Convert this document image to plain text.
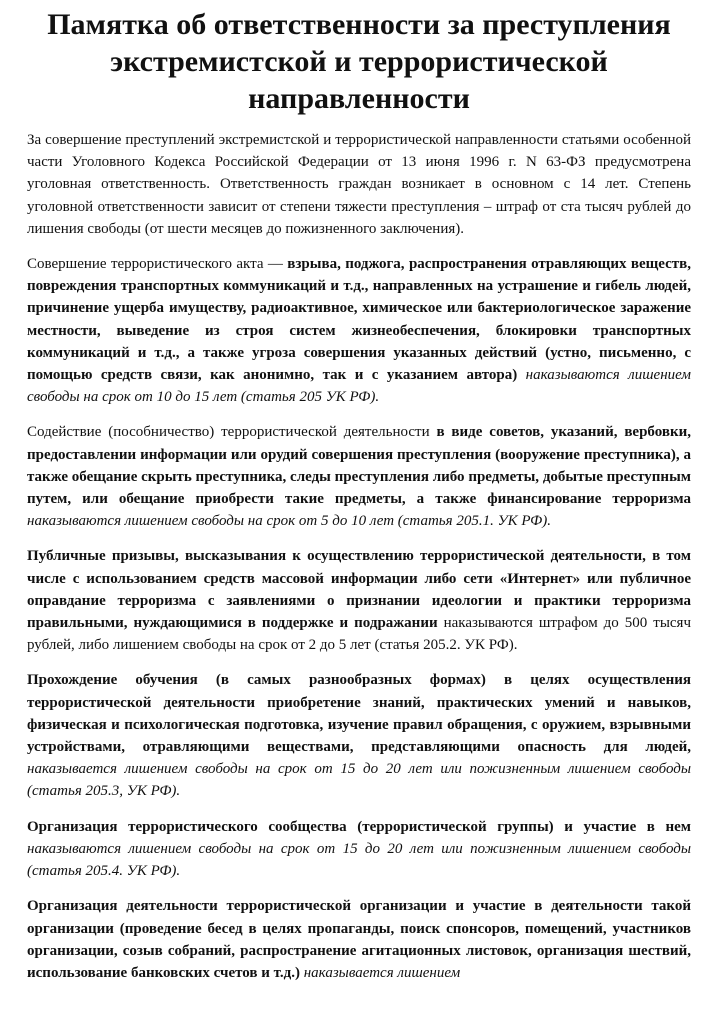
Памятка об ответственности за преступления экстремистской и террористической направленности

За совершение преступлений экстремистской и террористической направленности статьями особенной части Уголовного Кодекса Российской Федерации от 13 июня 1996 г. N 63-ФЗ предусмотрена уголовная ответственность. Ответственность граждан возникает в основном с 14 лет. Степень уголовной ответственности зависит от степени тяжести преступления – штраф от ста тысяч рублей до лишения свободы (от шести месяцев до пожизненного заключения).

Совершение террористического акта — взрыва, поджога, распространения отравляющих веществ, повреждения транспортных коммуникаций и т.д., направленных на устрашение и гибель людей, причинение ущерба имуществу, радиоактивное, химическое или бактериологическое заражение местности, выведение из строя систем жизнеобеспечения, блокировки транспортных коммуникаций и т.д., а также угроза совершения указанных действий (устно, письменно, с помощью средств связи, как анонимно, так и с указанием автора) наказываются лишением свободы на срок от 10 до 15 лет (статья 205 УК РФ).

Содействие (пособничество) террористической деятельности в виде советов, указаний, вербовки, предоставлении информации или орудий совершения преступления (вооружение преступника), а также обещание скрыть преступника, следы преступления либо предметы, добытые преступным путем, или обещание приобрести такие предметы, а также финансирование терроризма наказываются лишением свободы на срок от 5 до 10 лет (статья 205.1. УК РФ).

Публичные призывы, высказывания к осуществлению террористической деятельности, в том числе с использованием средств массовой информации либо сети «Интернет» или публичное оправдание терроризма с заявлениями о признании идеологии и практики терроризма правильными, нуждающимися в поддержке и подражании наказываются штрафом до 500 тысяч рублей, либо лишением свободы на срок от 2 до 5 лет (статья 205.2. УК РФ).

Прохождение обучения (в самых разнообразных формах) в целях осуществления террористической деятельности приобретение знаний, практических умений и навыков, физическая и психологическая подготовка, изучение правил обращения, с оружием, взрывными устройствами, отравляющими веществами, представляющими опасность для людей, наказывается лишением свободы на срок от 15 до 20 лет или пожизненным лишением свободы (статья 205.3, УК РФ).

Организация террористического сообщества (террористической группы) и участие в нем наказываются лишением свободы на срок от 15 до 20 лет или пожизненным лишением свободы (статья 205.4. УК РФ).

Организация деятельности террористической организации и участие в деятельности такой организации (проведение бесед в целях пропаганды, поиск спонсоров, помещений, участников организации, созыв собраний, распространение агитационных листовок, организация шествий, использование банковских счетов и т.д.) наказывается лишением
